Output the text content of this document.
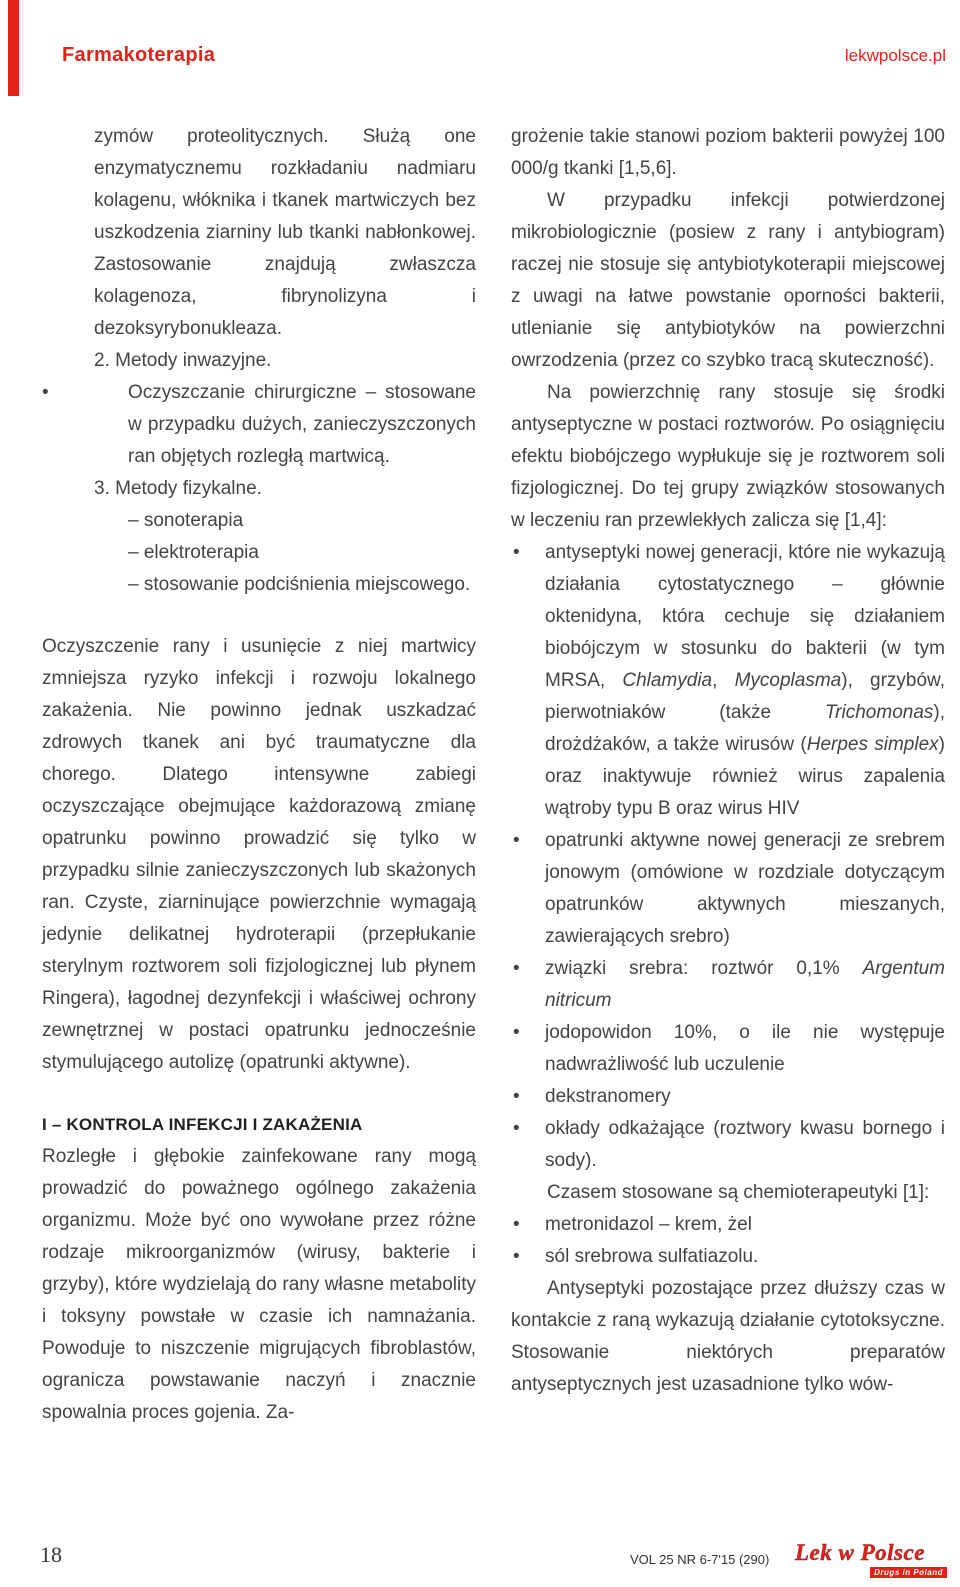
Farmakoterapia	lekwpolsce.pl

zymów proteolitycznych. Służą one enzymatycznemu rozkładaniu nadmiaru kolagenu, włóknika i tkanek martwiczych bez uszkodzenia ziarniny lub tkanki nabłonkowej. Zastosowanie znajdują zwłaszcza kolagenoza, fibrynolizyna i dezoksyrybonukleaza.

2. Metody inwazyjne.

• Oczyszczanie chirurgiczne – stosowane w przypadku dużych, zanieczyszczonych ran objętych rozległą martwicą.

3. Metody fizykalne.

– sonoterapia

– elektroterapia

– stosowanie podciśnienia miejscowego.

Oczyszczenie rany i usunięcie z niej martwicy zmniejsza ryzyko infekcji i rozwoju lokalnego zakażenia. Nie powinno jednak uszkadzać zdrowych tkanek ani być traumatyczne dla chorego. Dlatego intensywne zabiegi oczyszczające obejmujące każdorazową zmianę opatrunku powinno prowadzić się tylko w przypadku silnie zanieczyszczonych lub skażonych ran. Czyste, ziarninujące powierzchnie wymagają jedynie delikatnej hydroterapii (przepłukanie sterylnym roztworem soli fizjologicznej lub płynem Ringera), łagodnej dezynfekcji i właściwej ochrony zewnętrznej w postaci opatrunku jednocześnie stymulującego autolizę (opatrunki aktywne).

I – KONTROLA INFEKCJI I ZAKAŻENIA

Rozległe i głębokie zainfekowane rany mogą prowadzić do poważnego ogólnego zakażenia organizmu. Może być ono wywołane przez różne rodzaje mikroorganizmów (wirusy, bakterie i grzyby), które wydzielają do rany własne metabolity i toksyny powstałe w czasie ich namnażania. Powoduje to niszczenie migrujących fibroblastów, ogranicza powstawanie naczyń i znacznie spowalnia proces gojenia. Za-

grożenie takie stanowi poziom bakterii powyżej 100 000/g tkanki [1,5,6].

W przypadku infekcji potwierdzonej mikrobiologicznie (posiew z rany i antybiogram) raczej nie stosuje się antybiotykoterapii miejscowej z uwagi na łatwe powstanie oporności bakterii, utlenianie się antybiotyków na powierzchni owrzodzenia (przez co szybko tracą skuteczność).

Na powierzchnię rany stosuje się środki antyseptyczne w postaci roztworów. Po osiągnięciu efektu biobójczego wypłukuje się je roztworem soli fizjologicznej. Do tej grupy związków stosowanych w leczeniu ran przewlekłych zalicza się [1,4]:

• antyseptyki nowej generacji, które nie wykazują działania cytostatycznego – głównie oktenidyna, która cechuje się działaniem biobójczym w stosunku do bakterii (w tym MRSA, Chlamydia, Mycoplasma), grzybów, pierwotniaków (także Trichomonas), drożdżaków, a także wirusów (Herpes simplex) oraz inaktywuje również wirus zapalenia wątroby typu B oraz wirus HIV

• opatrunki aktywne nowej generacji ze srebrem jonowym (omówione w rozdziale dotyczącym opatrunków aktywnych mieszanych, zawierających srebro)

• związki srebra: roztwór 0,1% Argentum nitricum

• jodopowidon 10%, o ile nie występuje nadwrażliwość lub uczulenie

• dekstranomery

• okłady odkażające (roztwory kwasu bornego i sody).

Czasem stosowane są chemioterapeutyki [1]:

• metronidazol – krem, żel

• sól srebrowa sulfatiazolu.

Antyseptyki pozostające przez dłuższy czas w kontakcie z raną wykazują działanie cytotoksyczne. Stosowanie niektórych preparatów antyseptycznych jest uzasadnione tylko wów-

18	VOL 25 NR 6-7'15 (290) Lek w Polsce
Drugs in Poland
